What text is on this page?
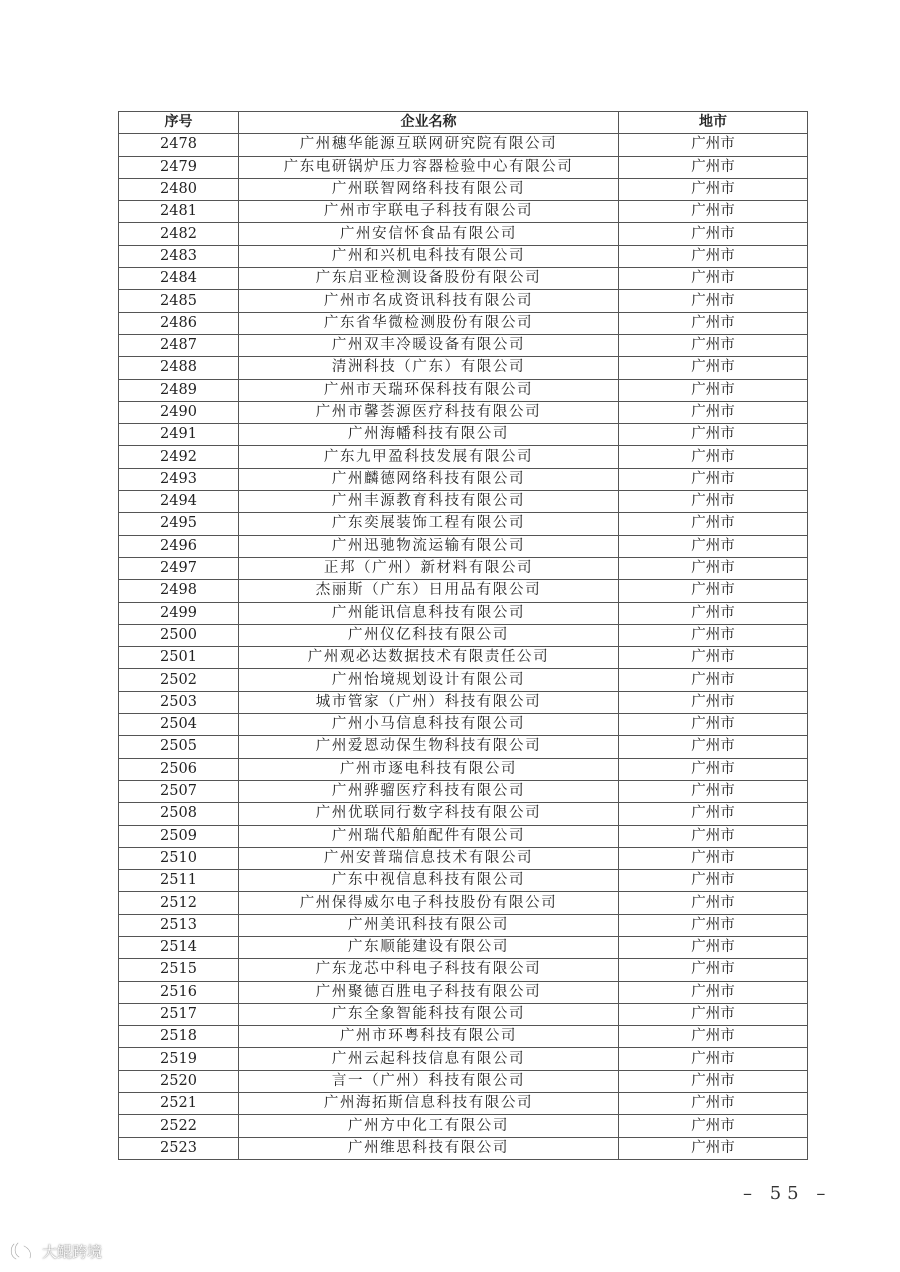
序号	企业名称	地市
2478	广州穗华能源互联网研究院有限公司	广州市
2479	广东电研锅炉压力容器检验中心有限公司	广州市
2480	广州联智网络科技有限公司	广州市
2481	广州市宇联电子科技有限公司	广州市
2482	广州安信怀食品有限公司	广州市
2483	广州和兴机电科技有限公司	广州市
2484	广东启亚检测设备股份有限公司	广州市
2485	广州市名成资讯科技有限公司	广州市
2486	广东省华微检测股份有限公司	广州市
2487	广州双丰冷暖设备有限公司	广州市
2488	清洲科技（广东）有限公司	广州市
2489	广州市天瑞环保科技有限公司	广州市
2490	广州市馨荟源医疗科技有限公司	广州市
2491	广州海幡科技有限公司	广州市
2492	广东九甲盈科技发展有限公司	广州市
2493	广州麟德网络科技有限公司	广州市
2494	广州丰源教育科技有限公司	广州市
2495	广东奕展装饰工程有限公司	广州市
2496	广州迅驰物流运输有限公司	广州市
2497	正邦（广州）新材料有限公司	广州市
2498	杰丽斯（广东）日用品有限公司	广州市
2499	广州能讯信息科技有限公司	广州市
2500	广州仪亿科技有限公司	广州市
2501	广州观必达数据技术有限责任公司	广州市
2502	广州怡境规划设计有限公司	广州市
2503	城市管家（广州）科技有限公司	广州市
2504	广州小马信息科技有限公司	广州市
2505	广州爱恩动保生物科技有限公司	广州市
2506	广州市逐电科技有限公司	广州市
2507	广州骅骝医疗科技有限公司	广州市
2508	广州优联同行数字科技有限公司	广州市
2509	广州瑞代船舶配件有限公司	广州市
2510	广州安普瑞信息技术有限公司	广州市
2511	广东中视信息科技有限公司	广州市
2512	广州保得威尔电子科技股份有限公司	广州市
2513	广州美讯科技有限公司	广州市
2514	广东顺能建设有限公司	广州市
2515	广东龙芯中科电子科技有限公司	广州市
2516	广州聚德百胜电子科技有限公司	广州市
2517	广东全象智能科技有限公司	广州市
2518	广州市环粤科技有限公司	广州市
2519	广州云起科技信息有限公司	广州市
2520	言一（广州）科技有限公司	广州市
2521	广州海拓斯信息科技有限公司	广州市
2522	广州方中化工有限公司	广州市
2523	广州维思科技有限公司	广州市
– 55 –
大鲲跨境
